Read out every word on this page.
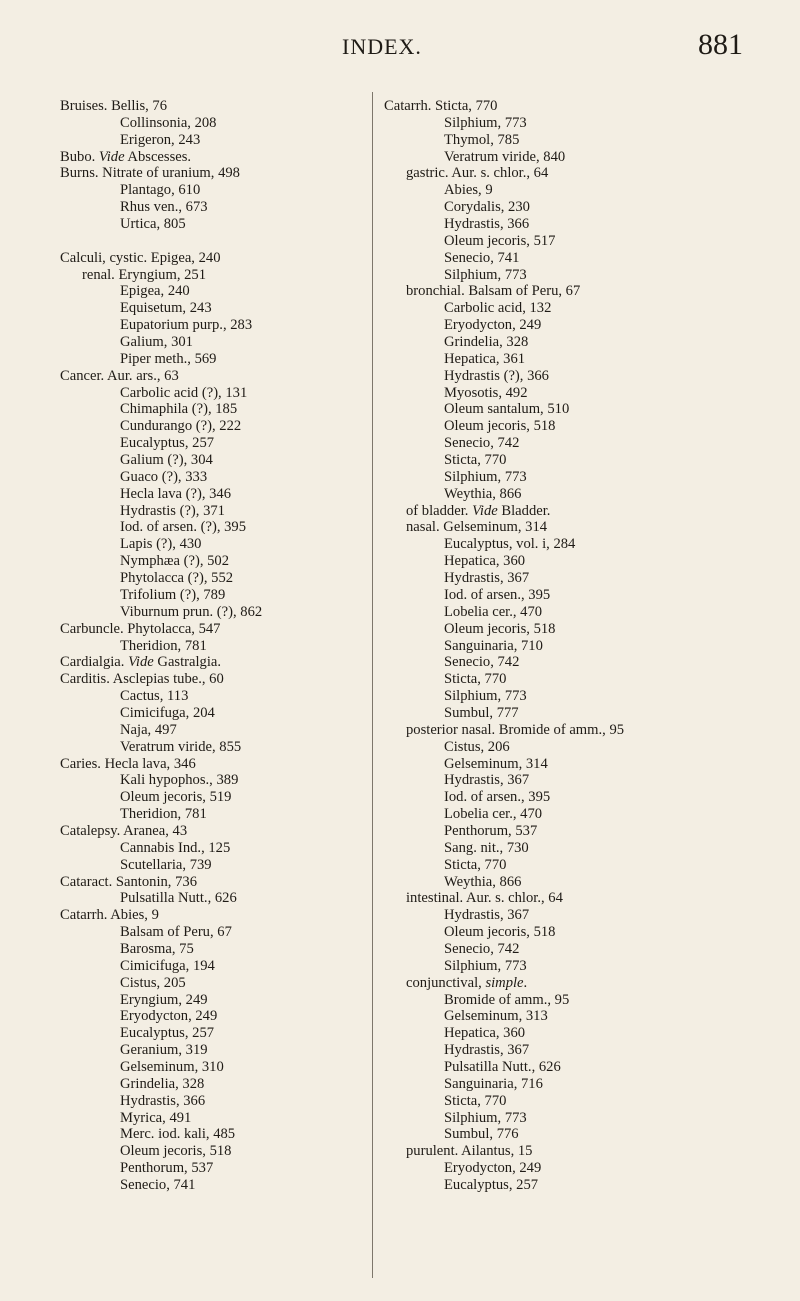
INDEX.	881
Bruises. Bellis, 76
Collinsonia, 208
Erigeron, 243
Bubo. Vide Abscesses.
Burns. Nitrate of uranium, 498
Plantago, 610
Rhus ven., 673
Urtica, 805
Calculi, cystic. Epigea, 240
renal. Eryngium, 251
Epigea, 240
Equisetum, 243
Eupatorium purp., 283
Galium, 301
Piper meth., 569
Cancer. Aur. ars., 63
Carbolic acid (?), 131
Chimaphila (?), 185
Cundurango (?), 222
Eucalyptus, 257
Galium (?), 304
Guaco (?), 333
Hecla lava (?), 346
Hydrastis (?), 371
Iod. of arsen. (?), 395
Lapis (?), 430
Nymphæa (?), 502
Phytolacca (?), 552
Trifolium (?), 789
Viburnum prun. (?), 862
Carbuncle. Phytolacca, 547
Theridion, 781
Cardialgia. Vide Gastralgia.
Carditis. Asclepias tube., 60
Cactus, 113
Cimicifuga, 204
Naja, 497
Veratrum viride, 855
Caries. Hecla lava, 346
Kali hypophos., 389
Oleum jecoris, 519
Theridion, 781
Catalepsy. Aranea, 43
Cannabis Ind., 125
Scutellaria, 739
Cataract. Santonin, 736
Pulsatilla Nutt., 626
Catarrh. Abies, 9
Balsam of Peru, 67
Barosma, 75
Cimicifuga, 194
Cistus, 205
Eryngium, 249
Eryodycton, 249
Eucalyptus, 257
Geranium, 319
Gelseminum, 310
Grindelia, 328
Hydrastis, 366
Myrica, 491
Merc. iod. kali, 485
Oleum jecoris, 518
Penthorum, 537
Senecio, 741
Catarrh. Sticta, 770
Silphium, 773
Thymol, 785
Veratrum viride, 840
gastric. Aur. s. chlor., 64
Abies, 9
Corydalis, 230
Hydrastis, 366
Oleum jecoris, 517
Senecio, 741
Silphium, 773
bronchial. Balsam of Peru, 67
Carbolic acid, 132
Eryodycton, 249
Grindelia, 328
Hepatica, 361
Hydrastis (?), 366
Myosotis, 492
Oleum santalum, 510
Oleum jecoris, 518
Senecio, 742
Sticta, 770
Silphium, 773
Weythia, 866
of bladder. Vide Bladder.
nasal. Gelseminum, 314
Eucalyptus, vol. i, 284
Hepatica, 360
Hydrastis, 367
Iod. of arsen., 395
Lobelia cer., 470
Oleum jecoris, 518
Sanguinaria, 710
Senecio, 742
Sticta, 770
Silphium, 773
Sumbul, 777
posterior nasal. Bromide of amm., 95
Cistus, 206
Gelseminum, 314
Hydrastis, 367
Iod. of arsen., 395
Lobelia cer., 470
Penthorum, 537
Sang. nit., 730
Sticta, 770
Weythia, 866
intestinal. Aur. s. chlor., 64
Hydrastis, 367
Oleum jecoris, 518
Senecio, 742
Silphium, 773
conjunctival, simple.
Bromide of amm., 95
Gelseminum, 313
Hepatica, 360
Hydrastis, 367
Pulsatilla Nutt., 626
Sanguinaria, 716
Sticta, 770
Silphium, 773
Sumbul, 776
purulent. Ailantus, 15
Eryodycton, 249
Eucalyptus, 257
